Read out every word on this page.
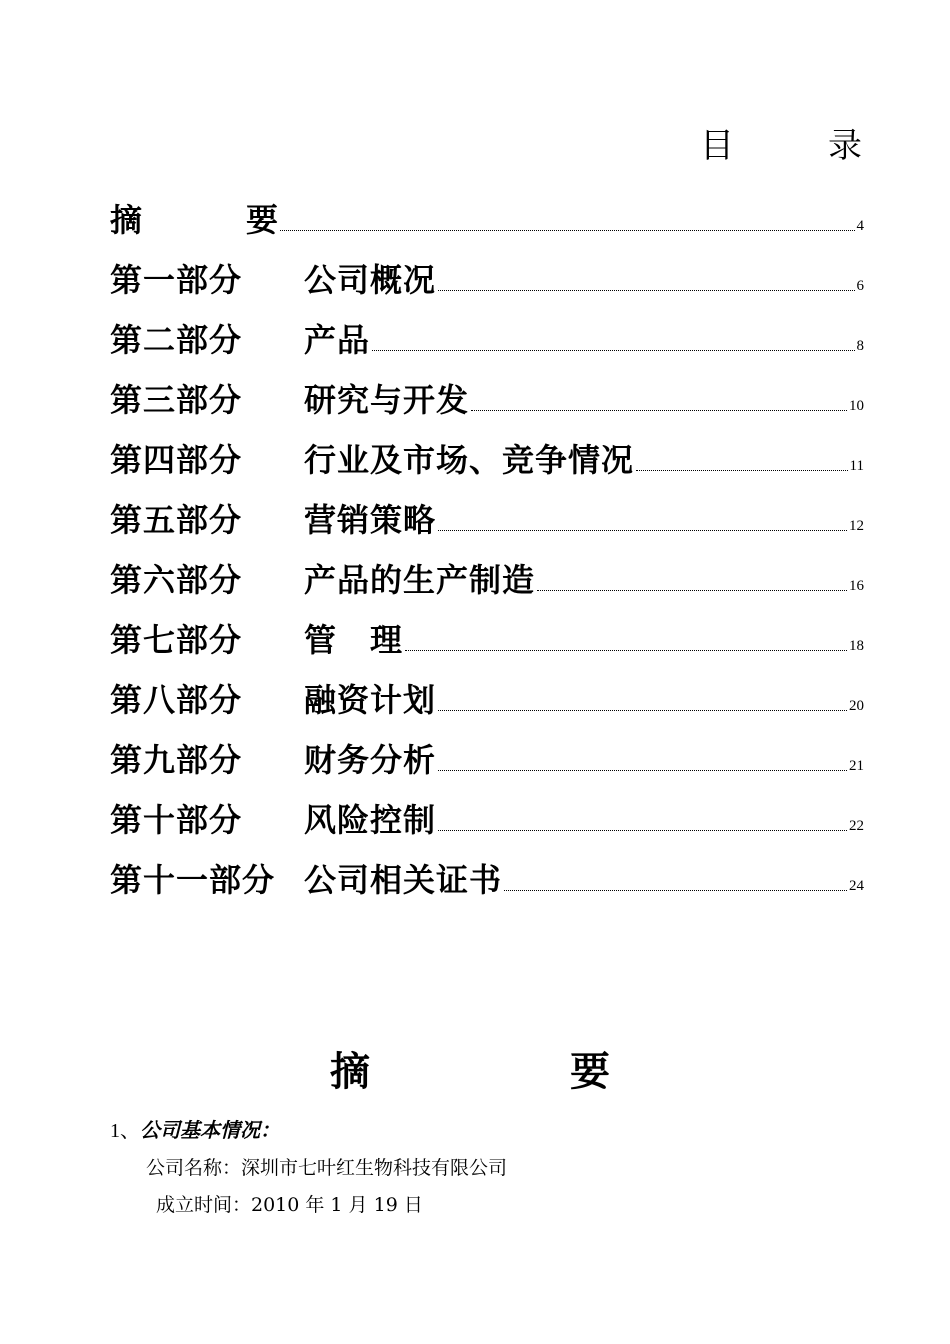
目　录
摘　要	4
第一部分	公司概况	6
第二部分	产品	8
第三部分	研究与开发	10
第四部分	行业及市场、竞争情况	11
第五部分	营销策略	12
第六部分	产品的生产制造	16
第七部分	管　理	18
第八部分	融资计划	20
第九部分	财务分析	21
第十部分	风险控制	22
第十一部分 公司相关证书	24
摘　要
1、公司基本情况：
公司名称：深圳市七叶红生物科技有限公司
成立时间：2010 年 1 月 19 日
